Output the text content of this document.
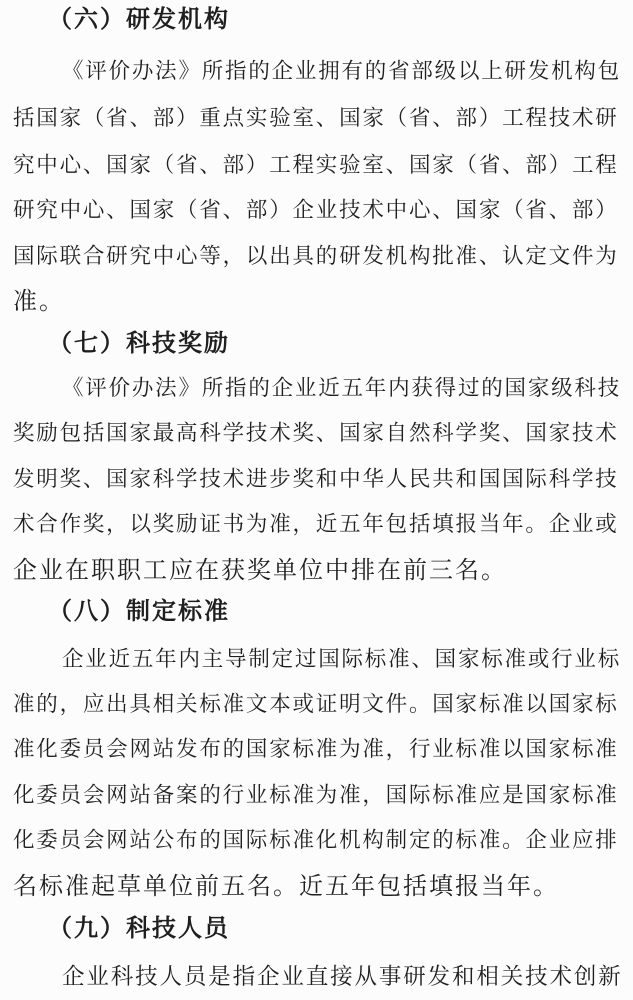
（六）研发机构
《评价办法》所指的企业拥有的省部级以上研发机构包
括国家（省、部）重点实验室、国家（省、部）工程技术研
究中心、国家（省、部）工程实验室、国家（省、部）工程
研究中心、国家（省、部）企业技术中心、国家（省、部）
国际联合研究中心等，以出具的研发机构批准、认定文件为
准。
（七）科技奖励
《评价办法》所指的企业近五年内获得过的国家级科技
奖励包括国家最高科学技术奖、国家自然科学奖、国家技术
发明奖、国家科学技术进步奖和中华人民共和国国际科学技
术合作奖，以奖励证书为准，近五年包括填报当年。企业或
企业在职职工应在获奖单位中排在前三名。
（八）制定标准
企业近五年内主导制定过国际标准、国家标准或行业标
准的，应出具相关标准文本或证明文件。国家标准以国家标
准化委员会网站发布的国家标准为准，行业标准以国家标准
化委员会网站备案的行业标准为准，国际标准应是国家标准
化委员会网站公布的国际标准化机构制定的标准。企业应排
名标准起草单位前五名。近五年包括填报当年。
（九）科技人员
企业科技人员是指企业直接从事研发和相关技术创新
